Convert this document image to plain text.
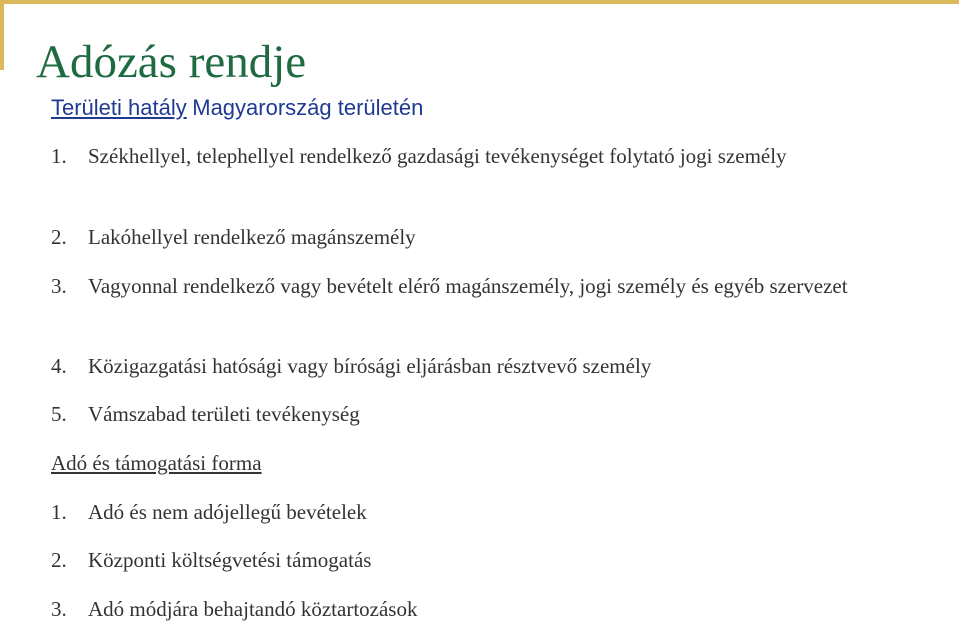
Adózás rendje
Területi hatály Magyarország területén
1.	Székhellyel, telephellyel rendelkező gazdasági tevékenységet folytató jogi személy
2.	Lakóhellyel rendelkező magánszemély
3.	Vagyonnal rendelkező vagy bevételt elérő magánszemély, jogi személy és egyéb szervezet
4.	Közigazgatási hatósági vagy bírósági eljárásban résztvevő személy
5.	Vámszabad területi tevékenység
Adó és támogatási forma
1.	Adó és nem adójellegű bevételek
2.	Központi költségvetési támogatás
3.	Adó módjára behajtandó köztartozások
